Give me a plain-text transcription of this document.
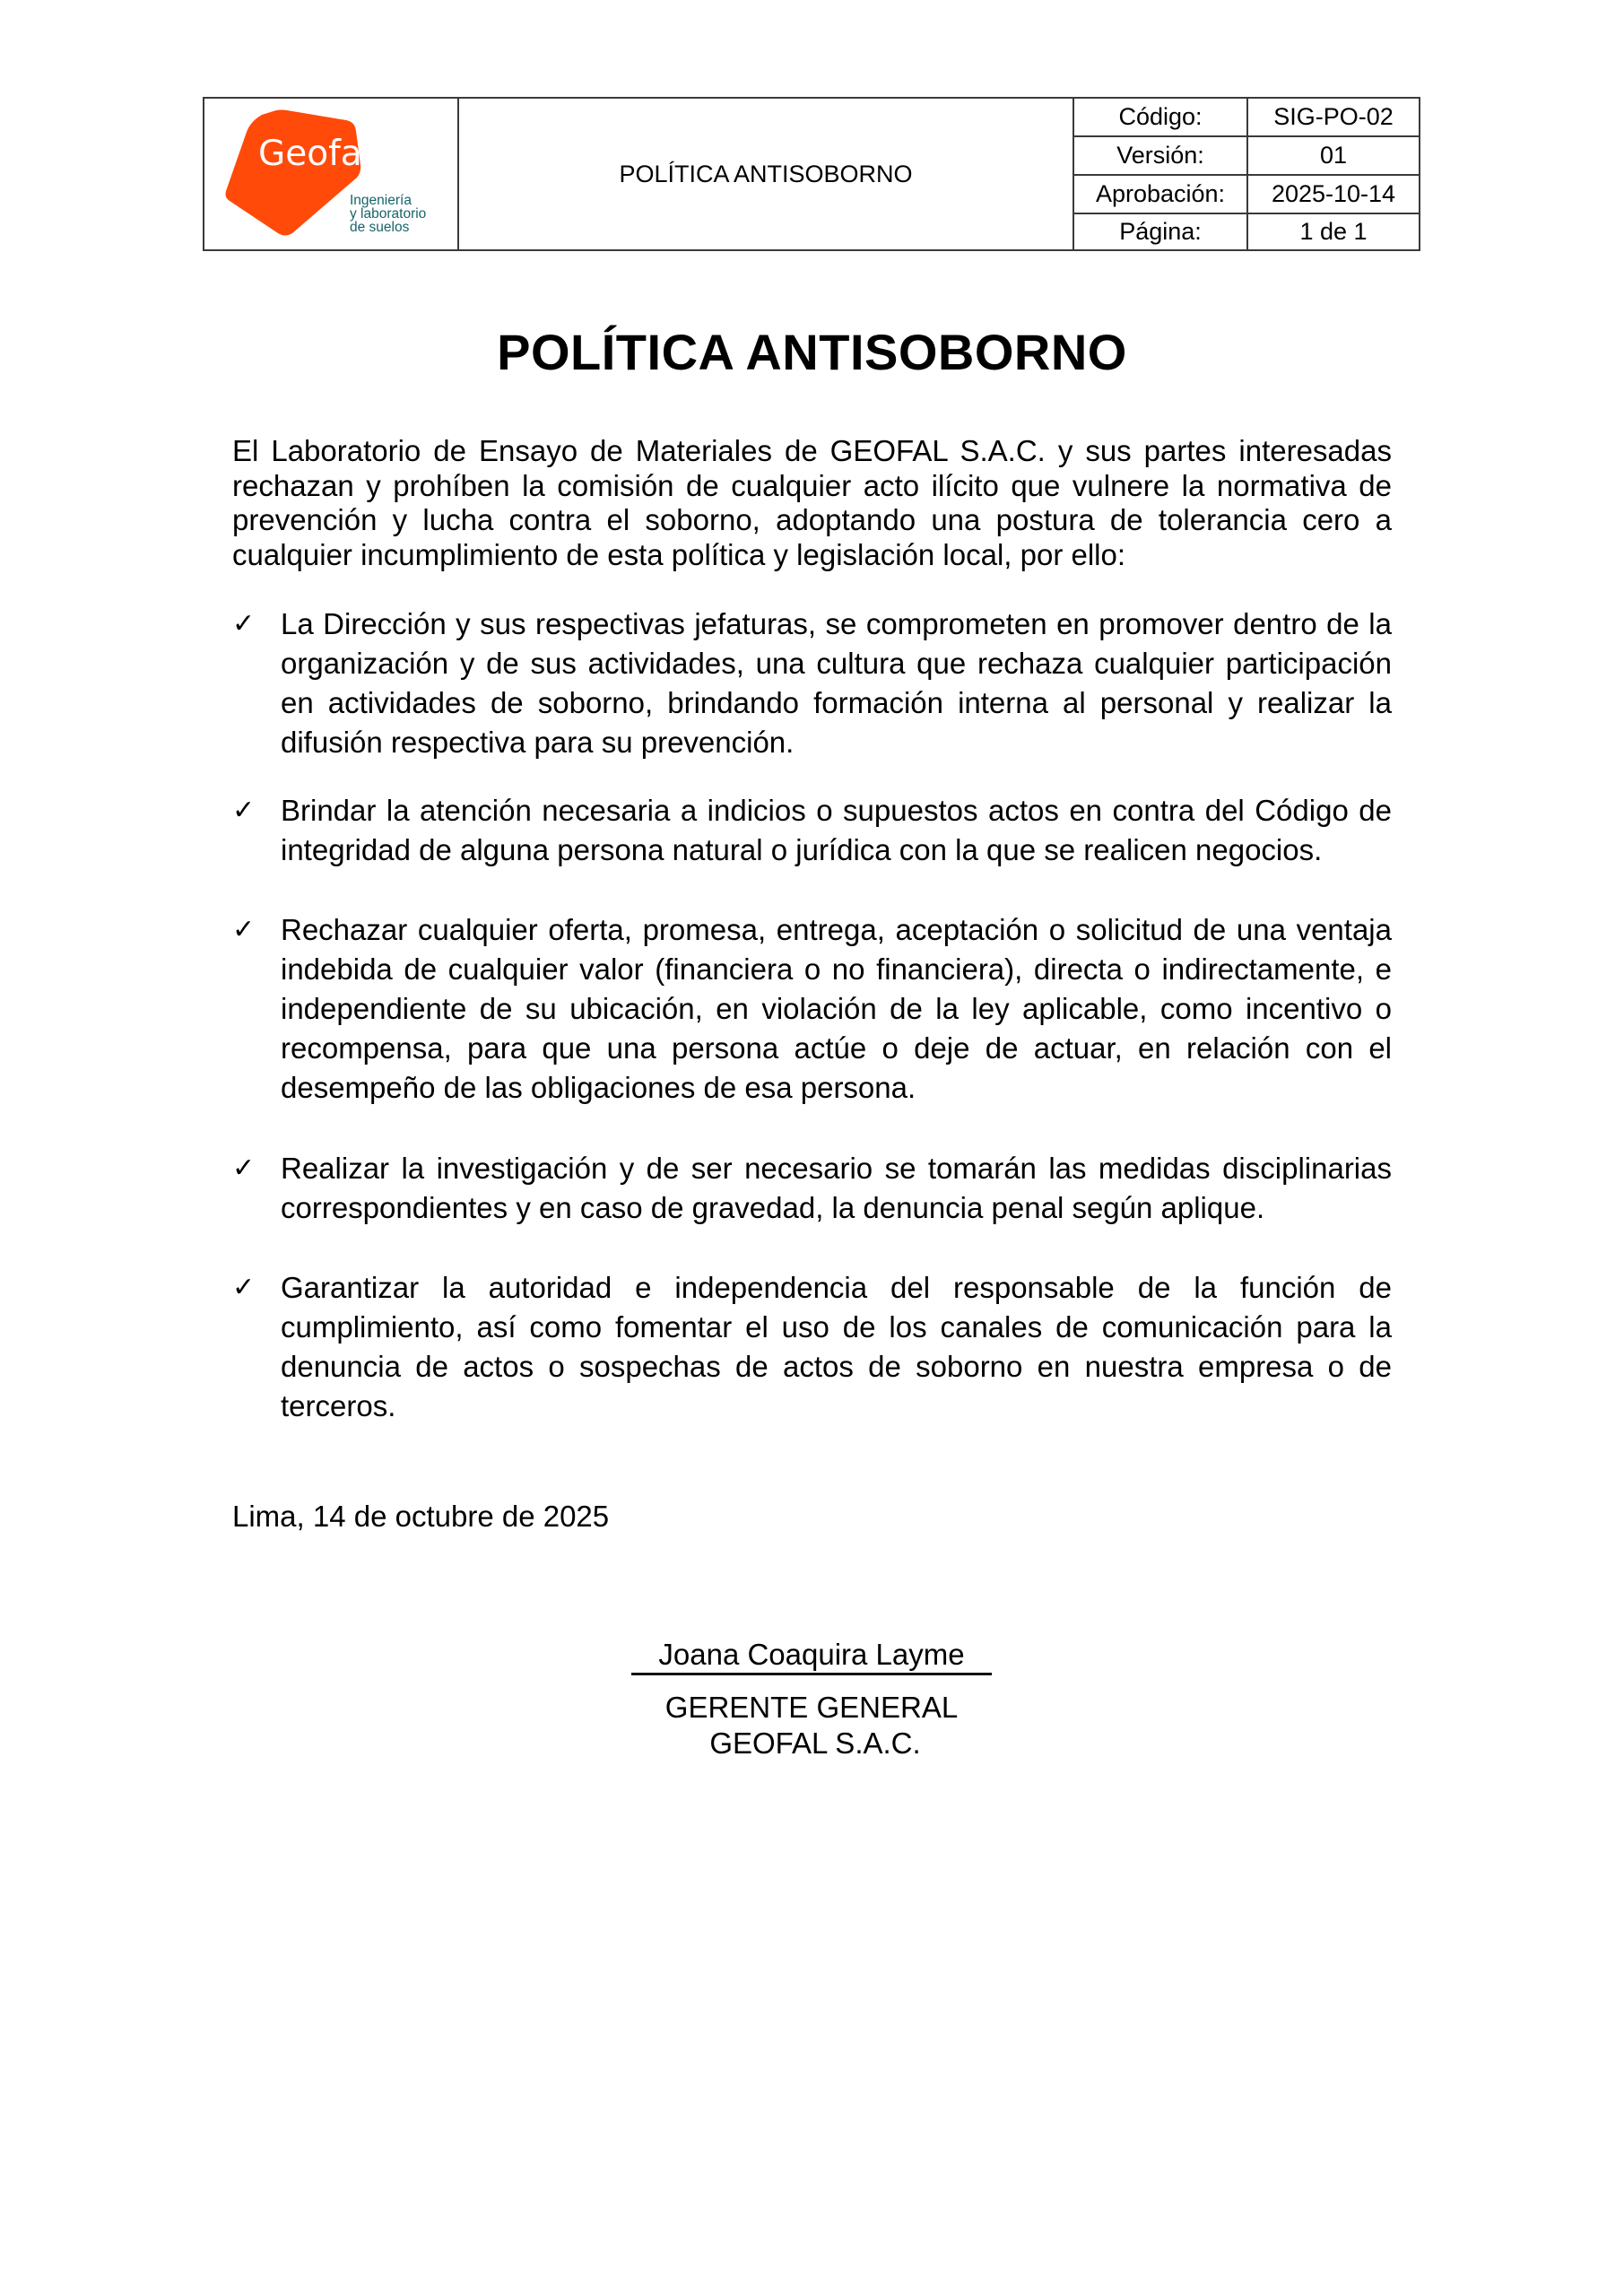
Geofal
Ingeniería
y laboratorio
de suelos
POLÍTICA ANTISOBORNO
Código:	SIG-PO-02
Versión:	01
Aprobación:	2025-10-14
Página:	1 de 1
POLÍTICA ANTISOBORNO
El Laboratorio de Ensayo de Materiales de GEOFAL S.A.C. y sus partes interesadas rechazan y prohíben la comisión de cualquier acto ilícito que vulnere la normativa de prevención y lucha contra el soborno, adoptando una postura de tolerancia cero a cualquier incumplimiento de esta política y legislación local, por ello:
✓ La Dirección y sus respectivas jefaturas, se comprometen en promover dentro de la organización y de sus actividades, una cultura que rechaza cualquier participación en actividades de soborno, brindando formación interna al personal y realizar la difusión respectiva para su prevención.
✓ Brindar la atención necesaria a indicios o supuestos actos en contra del Código de integridad de alguna persona natural o jurídica con la que se realicen negocios.
✓ Rechazar cualquier oferta, promesa, entrega, aceptación o solicitud de una ventaja indebida de cualquier valor (financiera o no financiera), directa o indirectamente, e independiente de su ubicación, en violación de la ley aplicable, como incentivo o recompensa, para que una persona actúe o deje de actuar, en relación con el desempeño de las obligaciones de esa persona.
✓ Realizar la investigación y de ser necesario se tomarán las medidas disciplinarias correspondientes y en caso de gravedad, la denuncia penal según aplique.
✓ Garantizar la autoridad e independencia del responsable de la función de cumplimiento, así como fomentar el uso de los canales de comunicación para la denuncia de actos o sospechas de actos de soborno en nuestra empresa o de terceros.
Lima, 14 de octubre de 2025
Joana Coaquira Layme
GERENTE GENERAL
GEOFAL S.A.C.
